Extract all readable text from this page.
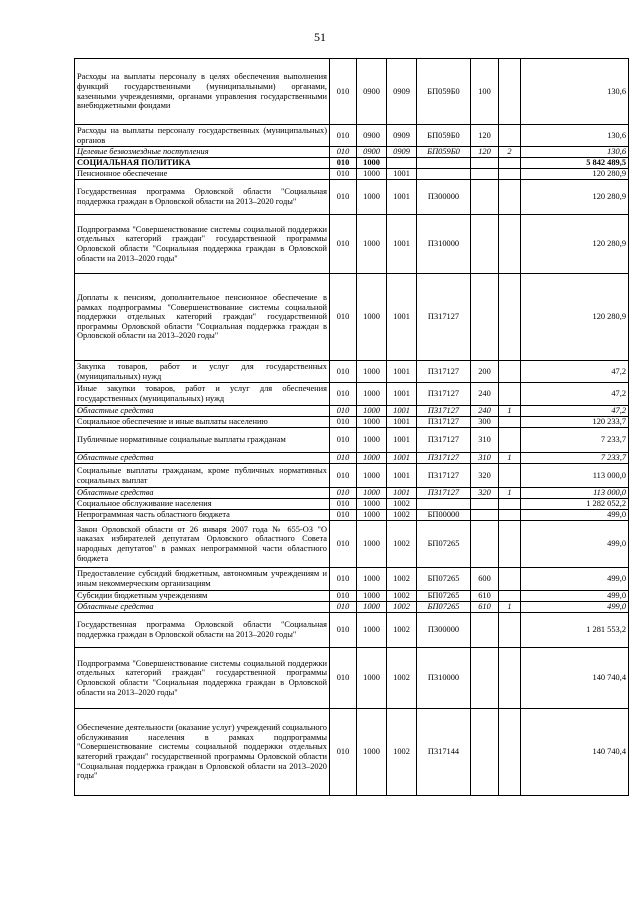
51
Расходы на выплаты персоналу в целях обеспечения выполнения функций государственными (муниципальными) органами, казенными учреждениями, органами управления государственными внебюджетными фондами	010	0900	0909	БП059Б0	100		130,6
Расходы на выплаты персоналу государственных (муниципальных) органов	010	0900	0909	БП059Б0	120		130,6
Целевые безвозмездные поступления	010	0900	0909	БП059Б0	120	2	130,6
СОЦИАЛЬНАЯ ПОЛИТИКА	010	1000					5 842 489,5
Пенсионное обеспечение	010	1000	1001				120 280,9
Государственная программа Орловской области "Социальная поддержка граждан в Орловской области на 2013–2020 годы"	010	1000	1001	П300000			120 280,9
Подпрограмма "Совершенствование системы социальной поддержки отдельных категорий граждан" государственной программы Орловской области "Социальная поддержка граждан в Орловской области на 2013–2020 годы"	010	1000	1001	П310000			120 280,9
Доплаты к пенсиям, дополнительное пенсионное обеспечение в рамках подпрограммы "Совершенствование системы социальной поддержки отдельных категорий граждан" государственной программы Орловской области "Социальная поддержка граждан в Орловской области на 2013–2020 годы"	010	1000	1001	П317127			120 280,9
Закупка товаров, работ и услуг для государственных (муниципальных) нужд	010	1000	1001	П317127	200		47,2
Иные закупки товаров, работ и услуг для обеспечения государственных (муниципальных) нужд	010	1000	1001	П317127	240		47,2
Областные средства	010	1000	1001	П317127	240	1	47,2
Социальное обеспечение и иные выплаты населению	010	1000	1001	П317127	300		120 233,7
Публичные нормативные социальные выплаты гражданам	010	1000	1001	П317127	310		7 233,7
Областные средства	010	1000	1001	П317127	310	1	7 233,7
Социальные выплаты гражданам, кроме публичных нормативных социальных выплат	010	1000	1001	П317127	320		113 000,0
Областные средства	010	1000	1001	П317127	320	1	113 000,0
Социальное обслуживание населения	010	1000	1002				1 282 052,2
Непрограммная часть областного бюджета	010	1000	1002	БП00000			499,0
Закон Орловской области от 26 января 2007 года № 655-ОЗ "О наказах избирателей депутатам Орловского областного Совета народных депутатов" в рамках непрограммной части областного бюджета	010	1000	1002	БП07265			499,0
Предоставление субсидий бюджетным, автономным учреждениям и иным некоммерческим организациям	010	1000	1002	БП07265	600		499,0
Субсидии бюджетным учреждениям	010	1000	1002	БП07265	610		499,0
Областные средства	010	1000	1002	БП07265	610	1	499,0
Государственная программа Орловской области "Социальная поддержка граждан в Орловской области на 2013–2020 годы"	010	1000	1002	П300000			1 281 553,2
Подпрограмма "Совершенствование системы социальной поддержки отдельных категорий граждан" государственной программы Орловской области "Социальная поддержка граждан в Орловской области на 2013–2020 годы"	010	1000	1002	П310000			140 740,4
Обеспечение деятельности (оказание услуг) учреждений социального обслуживания населения в рамках подпрограммы "Совершенствование системы социальной поддержки отдельных категорий граждан" государственной программы Орловской области "Социальная поддержка граждан в Орловской области на 2013–2020 годы"	010	1000	1002	П317144			140 740,4
